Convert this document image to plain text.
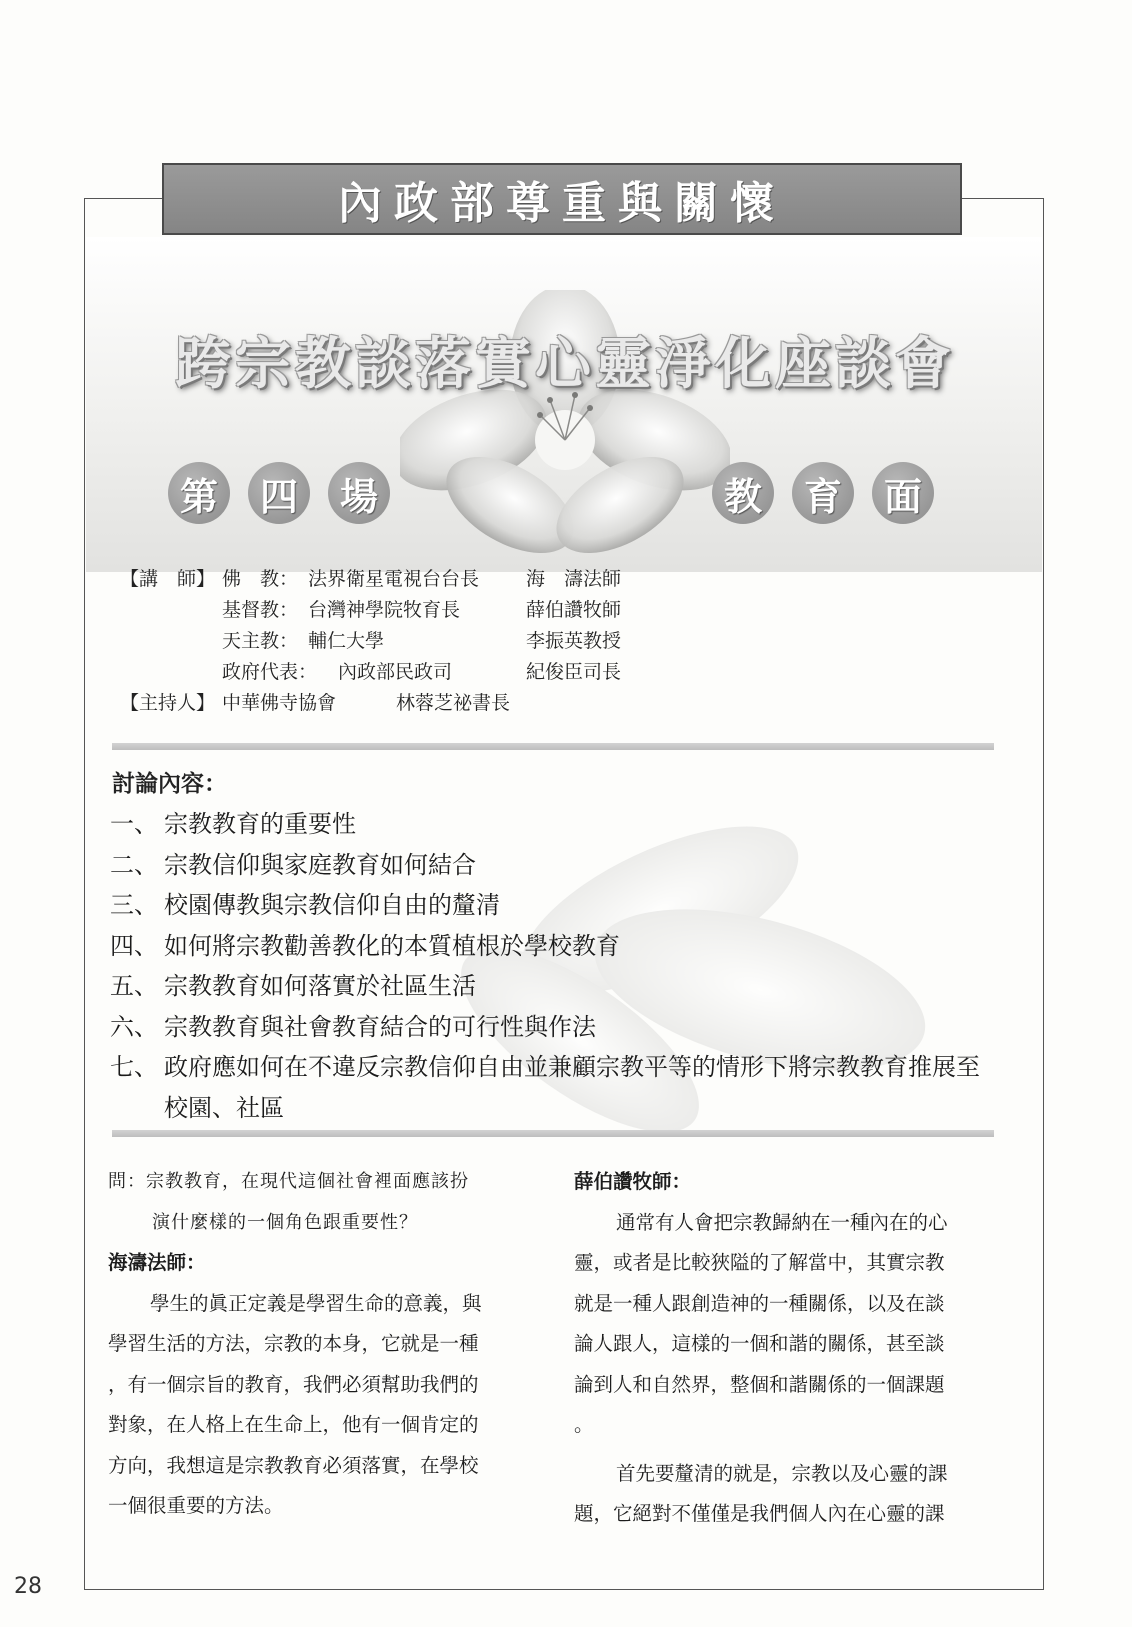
內政部尊重與關懷
跨宗教談落實心靈淨化座談會
第	四	場	教	育	面
【講　師】 佛　教： 法界衛星電視台台長 海　濤法師
基督教： 台灣神學院牧育長	薛伯讚牧師
天主教： 輔仁大學	李振英教授
政府代表： 內政部民政司	紀俊臣司長
【主持人】 中華佛寺協會	林蓉芝祕書長
討論內容：
一、 宗教教育的重要性
二、 宗教信仰與家庭教育如何結合
三、 校園傳教與宗教信仰自由的釐清
四、 如何將宗教勸善教化的本質植根於學校教育
五、 宗教教育如何落實於社區生活
六、 宗教教育與社會教育結合的可行性與作法
七、 政府應如何在不違反宗教信仰自由並兼顧宗教平等的情形下將宗教教育推展至校園、社區

問：宗教教育，在現代這個社會裡面應該扮

演什麼樣的一個角色跟重要性？

海濤法師：

學生的眞正定義是學習生命的意義，與

學習生活的方法，宗教的本身，它就是一種

，有一個宗旨的教育，我們必須幫助我們的

對象，在人格上在生命上，他有一個肯定的

方向，我想這是宗教教育必須落實，在學校

一個很重要的方法。

薛伯讚牧師：

通常有人會把宗教歸納在一種內在的心

靈，或者是比較狹隘的了解當中，其實宗教

就是一種人跟創造神的一種關係，以及在談

論人跟人，這樣的一個和諧的關係，甚至談

論到人和自然界，整個和諧關係的一個課題

。

首先要釐清的就是，宗教以及心靈的課

題，它絕對不僅僅是我們個人內在心靈的課

28
